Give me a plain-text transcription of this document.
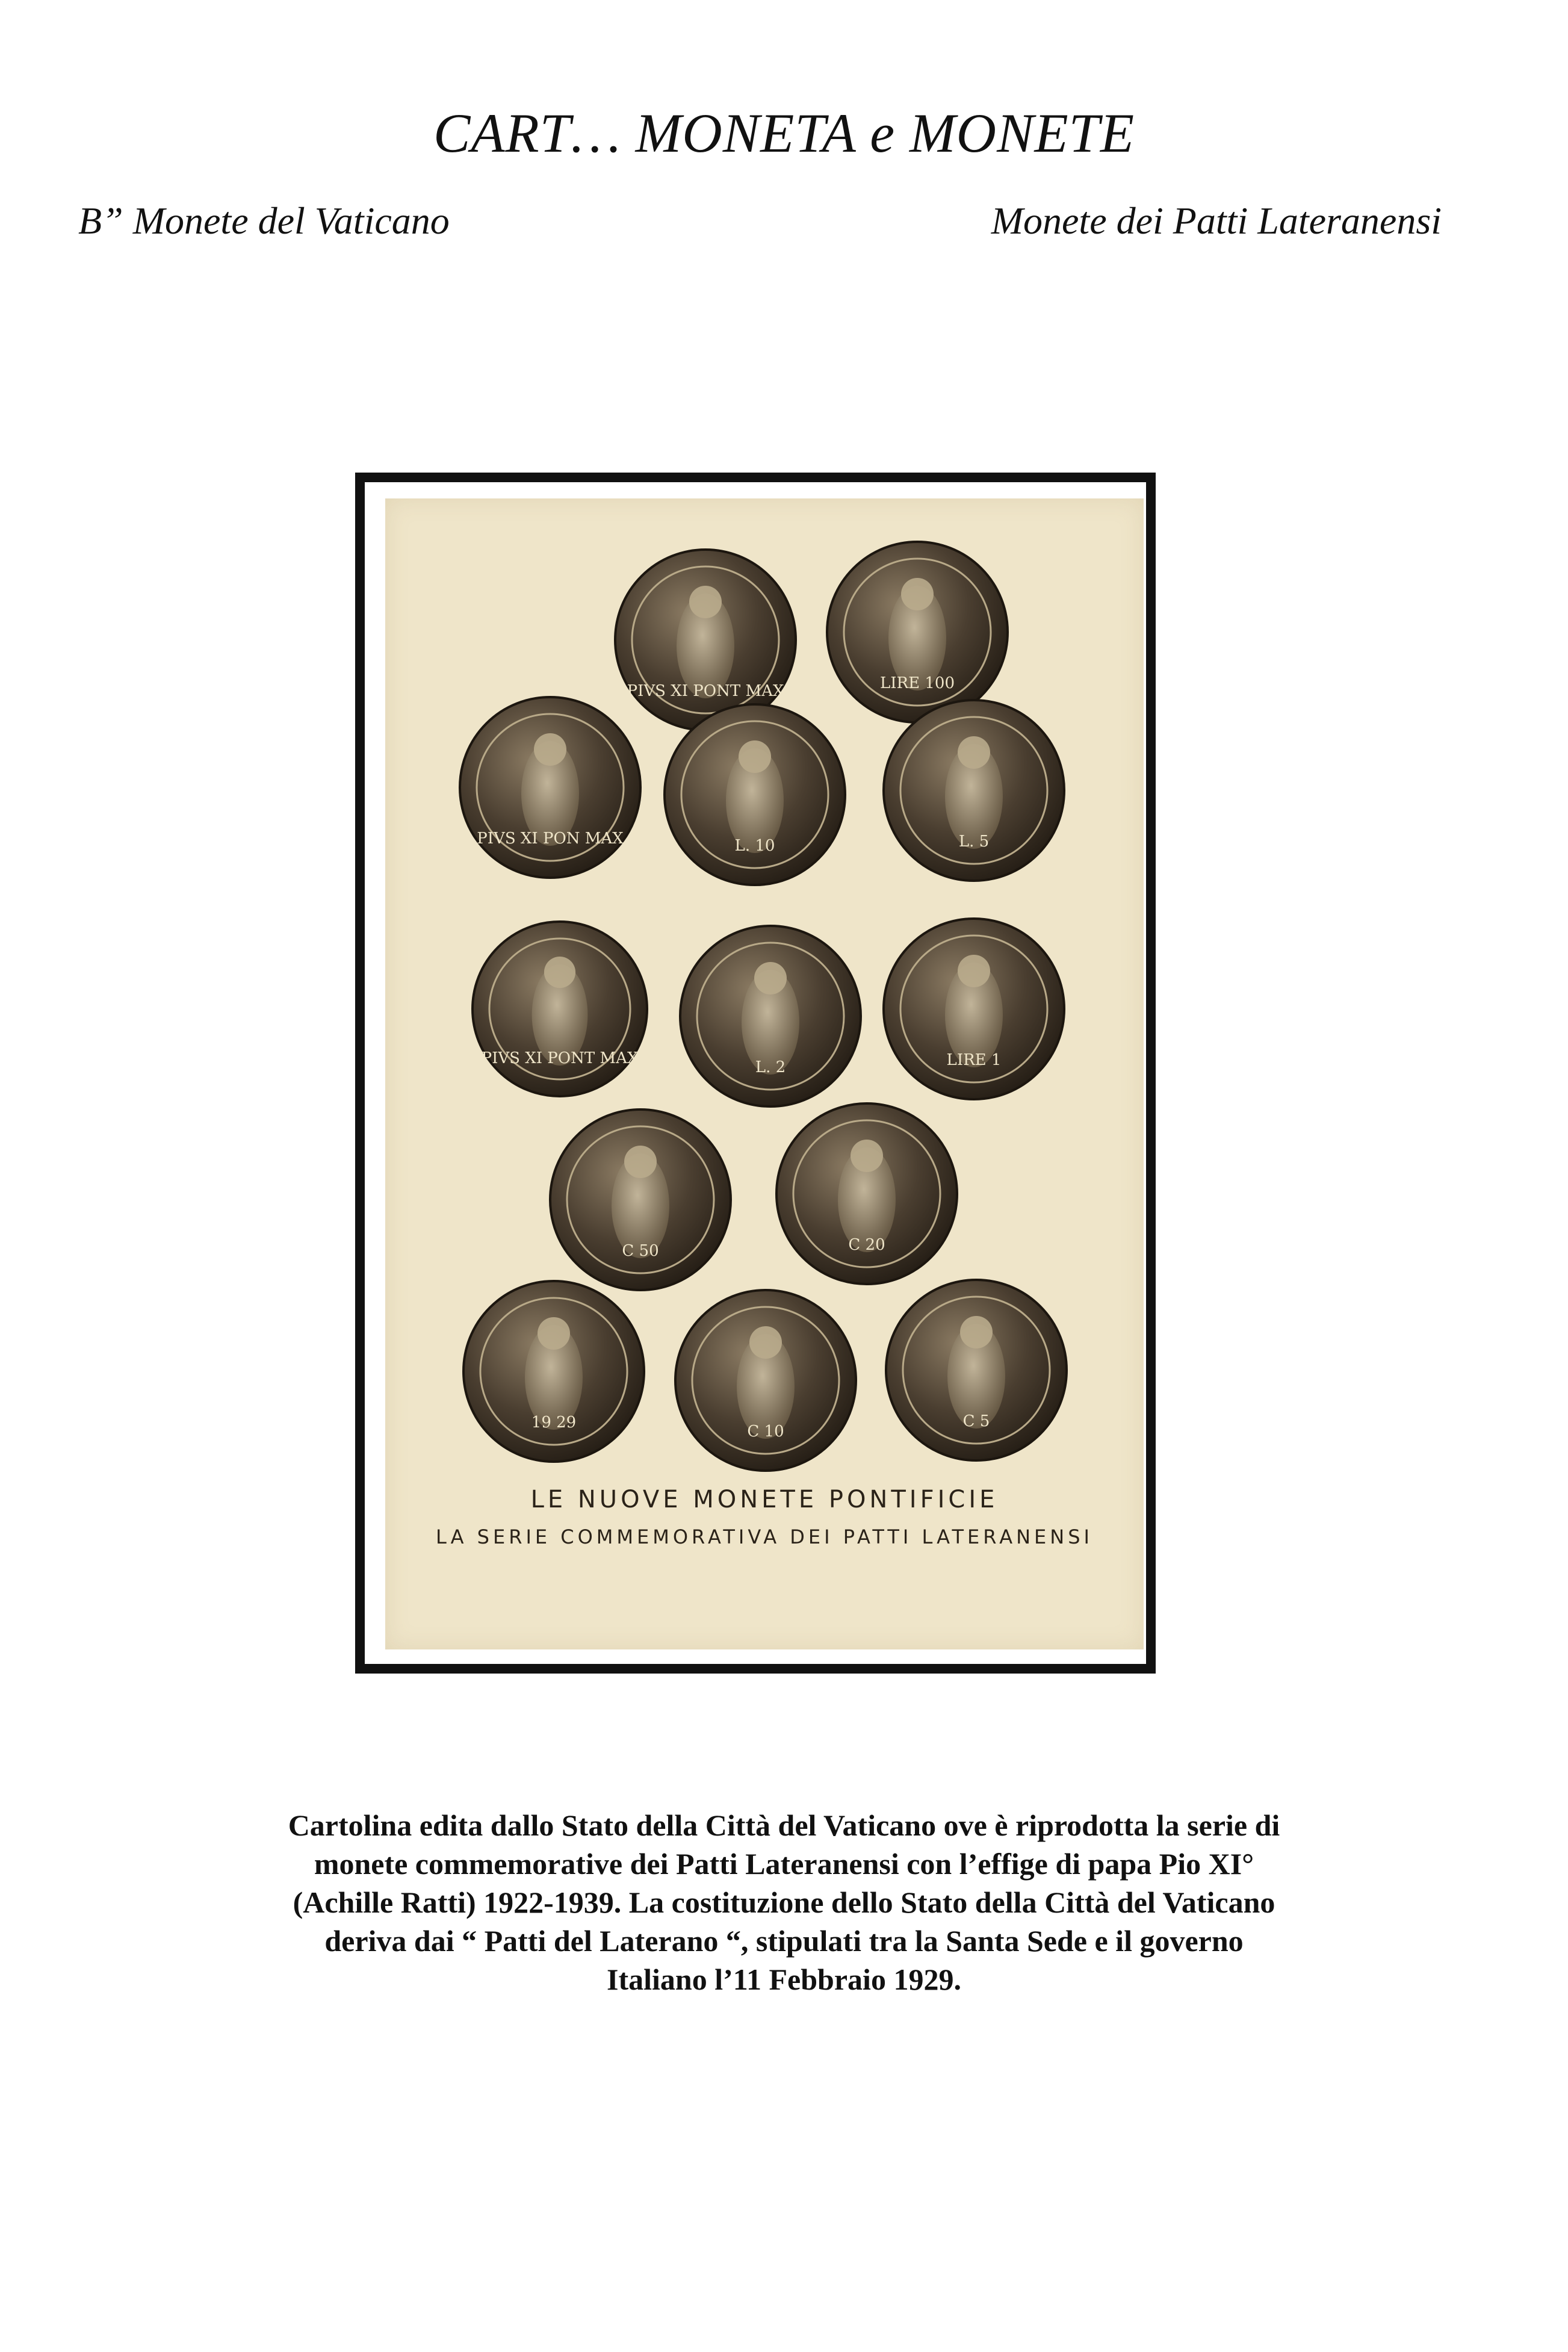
CART… MONETA e MONETE
B” Monete del Vaticano	Monete dei Patti Lateranensi
PIVS XI PONT MAX	LIRE 100
PIVS XI PON MAX	L. 10	L. 5
PIVS XI PONT MAX
L. 2	LIRE 1
C 50	C 20
19 29	C 10
C 5
LE NUOVE MONETE PONTIFICIE
LA SERIE COMMEMORATIVA DEI PATTI LATERANENSI
Cartolina edita dallo Stato della Città del Vaticano ove è riprodotta la serie di
monete commemorative dei Patti Lateranensi con l’effige di papa Pio XI°
(Achille Ratti) 1922-1939. La costituzione dello Stato della Città del Vaticano
deriva dai “ Patti del Laterano “, stipulati tra la Santa Sede e il governo
Italiano l’11 Febbraio 1929.
